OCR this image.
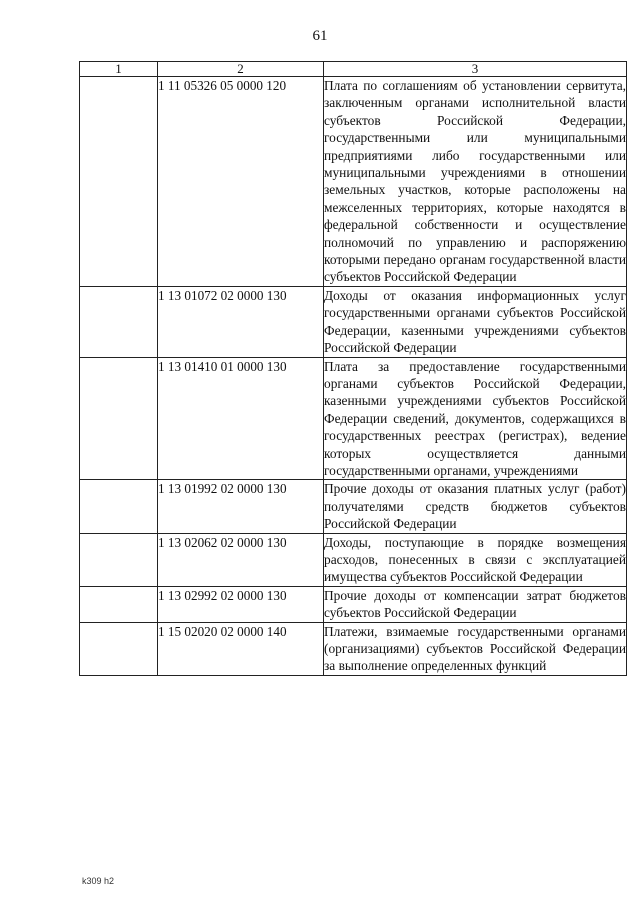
61
1	2	3
	1 11 05326 05 0000 120	Плата по соглашениям об установлении сервитута, заключенным органами исполнительной власти субъектов Российской Федерации, государственными или муниципальными предприятиями либо государственными или муниципальными учреждениями в отношении земельных участков, которые расположены на межселенных территориях, которые находятся в федеральной собственности и осуществление полномочий по управлению и распоряжению которыми передано органам государственной власти субъектов Российской Федерации
	1 13 01072 02 0000 130	Доходы от оказания информационных услуг государственными органами субъектов Российской Федерации, казенными учреждениями субъектов Российской Федерации
	1 13 01410 01 0000 130	Плата за предоставление государственными органами субъектов Российской Федерации, казенными учреждениями субъектов Российской Федерации сведений, документов, содержащихся в государственных реестрах (регистрах), ведение которых осуществляется данными государственными органами, учреждениями
	1 13 01992 02 0000 130	Прочие доходы от оказания платных услуг (работ) получателями средств бюджетов субъектов Российской Федерации
	1 13 02062 02 0000 130	Доходы, поступающие в порядке возмещения расходов, понесенных в связи с эксплуатацией имущества субъектов Российской Федерации
	1 13 02992 02 0000 130	Прочие доходы от компенсации затрат бюджетов субъектов Российской Федерации
	1 15 02020 02 0000 140	Платежи, взимаемые государственными органами (организациями) субъектов Российской Федерации за выполнение определенных функций
k309 h2
